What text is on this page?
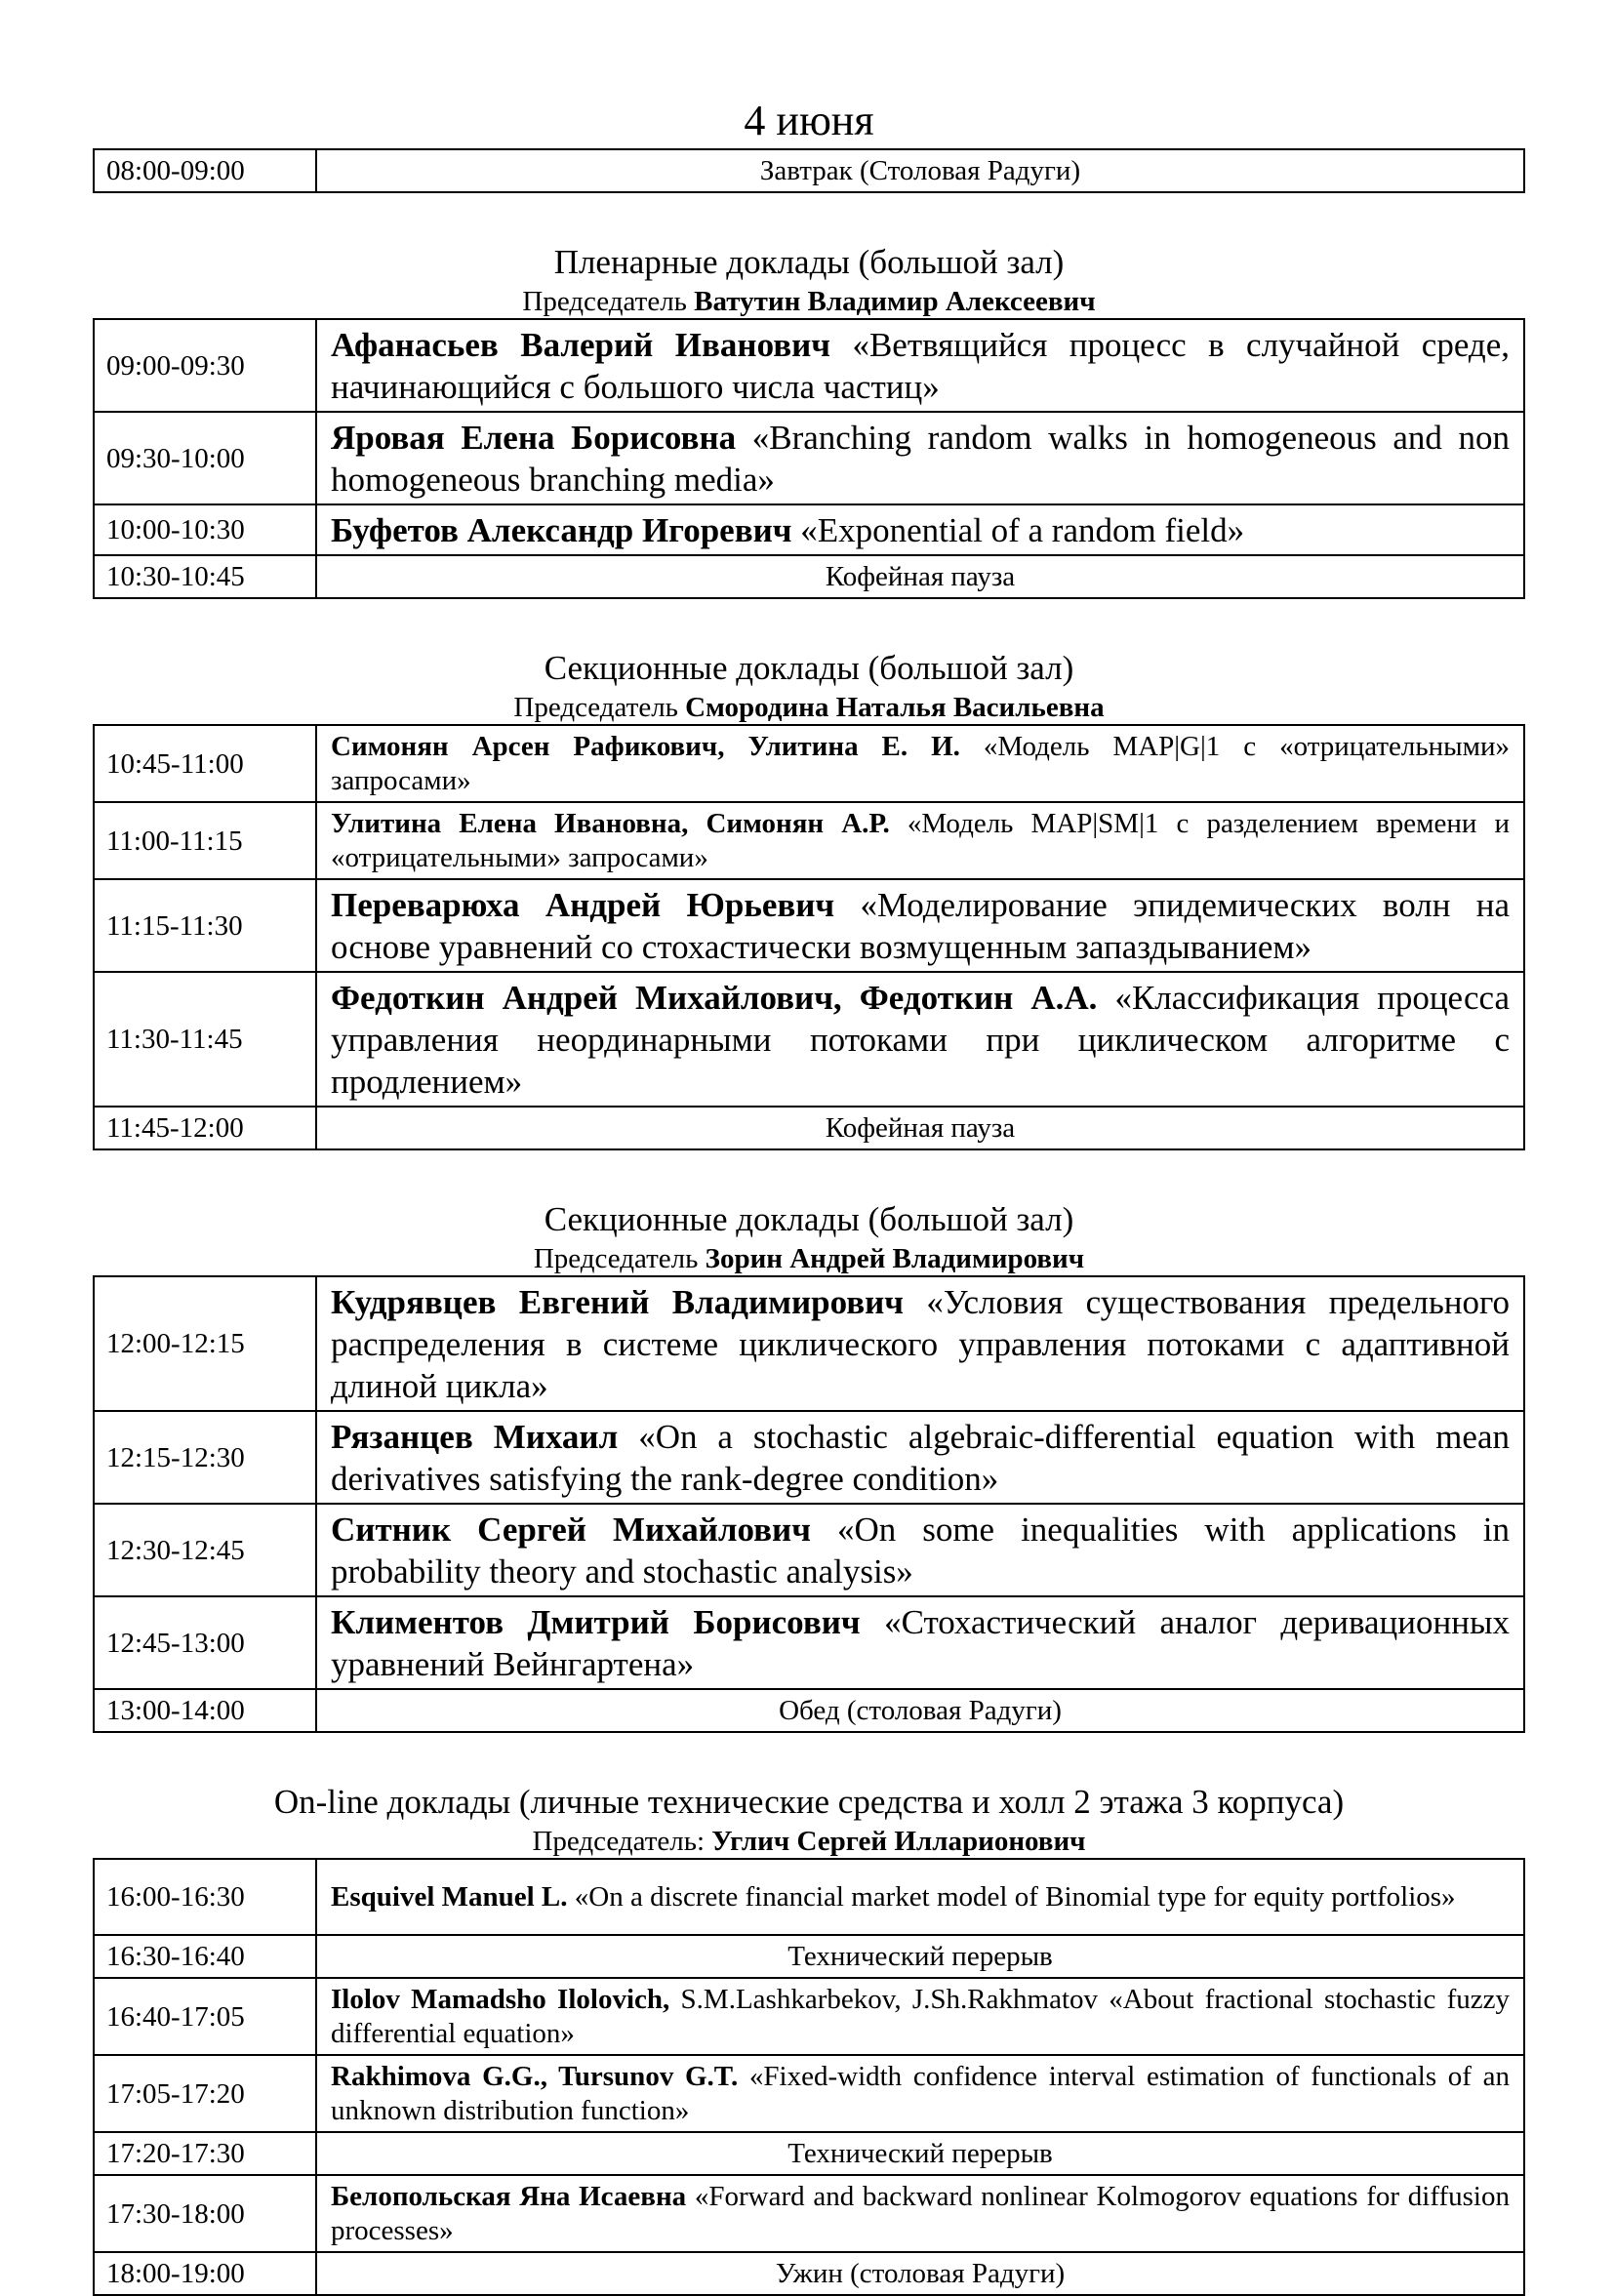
4 июня
08:00-09:00	Завтрак (Столовая Радуги)
Пленарные доклады (большой зал)
Председатель Ватутин Владимир Алексеевич
09:00-09:30	Афанасьев Валерий Иванович «Ветвящийся процесс в случайной среде, начинающийся с большого числа частиц»
09:30-10:00	Яровая Елена Борисовна «Branching random walks in homogeneous and non homogeneous branching media»
10:00-10:30	Буфетов Александр Игоревич «Exponential of a random field»
10:30-10:45	Кофейная пауза
Секционные доклады (большой зал)
Председатель Смородина Наталья Васильевна
10:45-11:00	Симонян Арсен Рафикович, Улитина Е. И. «Модель MAP|G|1 с «отрицательными» запросами»
11:00-11:15	Улитина Елена Ивановна, Симонян А.Р. «Модель MAP|SM|1 с разделением времени и «отрицательными» запросами»
11:15-11:30	Переварюха Андрей Юрьевич «Моделирование эпидемических волн на основе уравнений со стохастически возмущенным запаздыванием»
11:30-11:45	Федоткин Андрей Михайлович, Федоткин А.А. «Классификация процесса управления неординарными потоками при циклическом алгоритме с продлением»
11:45-12:00	Кофейная пауза
Секционные доклады (большой зал)
Председатель Зорин Андрей Владимирович
12:00-12:15	Кудрявцев Евгений Владимирович «Условия существования предельного распределения в системе циклического управления потоками с адаптивной длиной цикла»
12:15-12:30	Рязанцев Михаил «On a stochastic algebraic-differential equation with mean derivatives satisfying the rank-degree condition»
12:30-12:45	Ситник Сергей Михайлович «On some inequalities with applications in probability theory and stochastic analysis»
12:45-13:00	Климентов Дмитрий Борисович «Стохастический аналог деривационных уравнений Вейнгартена»
13:00-14:00	Обед (столовая Радуги)
On-line доклады (личные технические средства и холл 2 этажа 3 корпуса)
Председатель: Углич Сергей Илларионович
16:00-16:30	Esquivel Manuel L. «On a discrete financial market model of Binomial type for equity portfolios»
16:30-16:40	Технический перерыв
16:40-17:05	Ilolov Mamadsho Ilolovich, S.M.Lashkarbekov, J.Sh.Rakhmatov «About fractional stochastic fuzzy differential equation»
17:05-17:20	Rakhimova G.G., Tursunov G.T. «Fixed-width confidence interval estimation of functionals of an unknown distribution function»
17:20-17:30	Технический перерыв
17:30-18:00	Белопольская Яна Исаевна «Forward and backward nonlinear Kolmogorov equations for diffusion processes»
18:00-19:00	Ужин (столовая Радуги)
